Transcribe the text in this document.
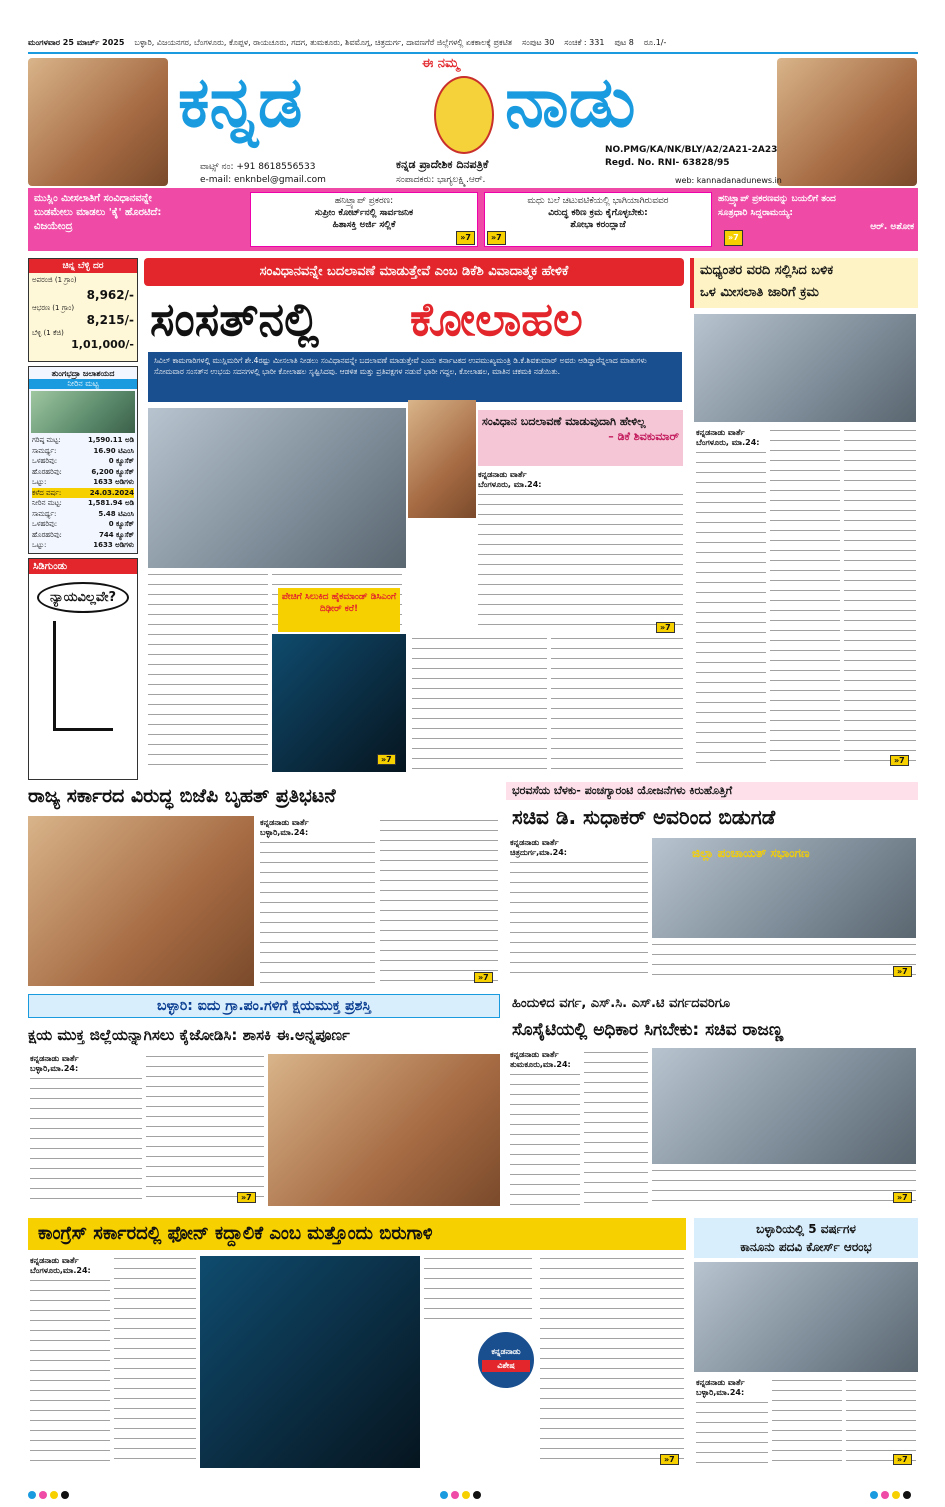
ಮಂಗಳವಾರ 25 ಮಾರ್ಚ್ 2025 ಬಳ್ಳಾರಿ, ವಿಜಯನಗರ, ಬೆಂಗಳೂರು, ಕೊಪ್ಪಳ, ರಾಯಚೂರು, ಗದಗ, ತುಮಕೂರು, ಶಿವಮೊಗ್ಗ, ಚಿತ್ರದುರ್ಗ, ದಾವಣಗೆರೆ ಜಿಲ್ಲೆಗಳಲ್ಲಿ ಏಕಕಾಲಕ್ಕೆ ಪ್ರಕಟಿತ ಸಂಪುಟ 30 ಸಂಚಿಕೆ : 331 ಪುಟ 8 ರೂ.1/-
ಈ ನಮ್ಮ
ಕನ್ನಡ	ನಾಡು
ಕನ್ನಡ ಪ್ರಾದೇಶಿಕ ದಿನಪತ್ರಿಕೆ
ಸಂಪಾದಕರು: ಭಾಗ್ಯಲಕ್ಷ್ಮಿ.ಆರ್.
ವಾಟ್ಸ್ ನಂ: +91 8618556533
e-mail: enknbel@gmail.com
NO.PMG/KA/NK/BLY/A2/2A21-2A23
Regd. No. RNI- 63828/95
web: kannadanadunews.in
ಮುಸ್ಲಿಂ ಮೀಸಲಾತಿಗೆ ಸಂವಿಧಾನವನ್ನೇ
ಬುಡಮೇಲು ಮಾಡಲು 'ಕೈ' ಹೊರಟಿದೆ:
ವಿಜಯೇಂದ್ರ
ಹನಿಟ್ರ್ಯಾಪ್ ಪ್ರಕರಣ:
ಸುಪ್ರೀಂ ಕೋರ್ಟ್‌ನಲ್ಲಿ ಸಾರ್ವಜನಿಕ
ಹಿತಾಸಕ್ತಿ ಅರ್ಜಿ ಸಲ್ಲಿಕೆ
»7
ಮಧು ಬಲೆ ಚಟುವಟಿಕೆಯಲ್ಲಿ ಭಾಗಿಯಾಗಿರುವವರ
ವಿರುದ್ಧ ಕಠಿಣ ಕ್ರಮ ಕೈಗೊಳ್ಳಬೇಕು:
ಶೋಭಾ ಕರಂದ್ಲಾಜೆ
»7
ಹನಿಟ್ರ್ಯಾಪ್ ಪ್ರಕರಣವನ್ನು ಬಯಲಿಗೆ ತಂದ
ಸೂತ್ರಧಾರಿ ಸಿದ್ದರಾಮಯ್ಯ:
ಆರ್. ಅಶೋಕ
»7
ಚಿನ್ನ ಬೆಳ್ಳಿ ದರ
ಅಪರಂಜಿ (1 ಗ್ರಾಂ)
8,962/-
ಆಭರಣ (1 ಗ್ರಾಂ)
8,215/-
ಬೆಳ್ಳಿ (1 ಕೆಜಿ)
1,01,000/-
ತುಂಗಭದ್ರಾ ಜಲಾಶಯದ
ನೀರಿನ ಮಟ್ಟ
ಗರಿಷ್ಠ ಮಟ್ಟ:	1,590.11 ಅಡಿ
ಸಾಮರ್ಥ್ಯ:	16.90 ಟಿಎಂಸಿ
ಒಳಹರಿವು:	0 ಕ್ಯೂಸೆಕ್
ಹೊರಹರಿವು:	6,200 ಕ್ಯೂಸೆಕ್
ಒಟ್ಟು:	1633 ಅಡಿಗಳು
ಕಳೆದ ವರ್ಷ:	24.03.2024
ನೀರಿನ ಮಟ್ಟ:	1,581.94 ಅಡಿ
ಸಾಮರ್ಥ್ಯ:	5.48 ಟಿಎಂಸಿ
ಒಳಹರಿವು:	0 ಕ್ಯೂಸೆಕ್
ಹೊರಹರಿವು:	744 ಕ್ಯೂಸೆಕ್
ಒಟ್ಟು:	1633 ಅಡಿಗಳು
ಸಿಡಿಗುಂಡು
ನ್ಯಾಯವಿಲ್ಲವೇ?
ಸಂವಿಧಾನವನ್ನೇ ಬದಲಾವಣೆ ಮಾಡುತ್ತೇವೆ ಎಂಬ ಡಿಕೆಶಿ ವಿವಾದಾತ್ಮಕ ಹೇಳಿಕೆ
ಸಂಸತ್‌ನಲ್ಲಿ ಕೋಲಾಹಲ
ಸಿವಿಲ್ ಕಾಮಗಾರಿಗಳಲ್ಲಿ ಮುಸ್ಲಿಮರಿಗೆ ಶೇ.4ರಷ್ಟು ಮೀಸಲಾತಿ ನೀಡಲು ಸಂವಿಧಾನವನ್ನೇ ಬದಲಾವಣೆ ಮಾಡುತ್ತೇವೆ ಎಂದು ಕರ್ನಾಟಕದ ಉಪಮುಖ್ಯಮಂತ್ರಿ ಡಿ.ಕೆ.ಶಿವಕುಮಾರ್ ಅವರು ಆಡಿದ್ದಾರೆನ್ನಲಾದ ಮಾತುಗಳು ಸೋಮವಾರ ಸಂಸತ್‌ನ ಉಭಯ ಸದನಗಳಲ್ಲಿ ಭಾರೀ ಕೋಲಾಹಲ ಸೃಷ್ಟಿಸಿದವು. ಆಡಳಿತ ಮತ್ತು ಪ್ರತಿಪಕ್ಷಗಳ ನಡುವೆ ಭಾರೀ ಗದ್ದಲ, ಕೋಲಾಹಲ, ಮಾತಿನ ಚಕಮಕಿ ನಡೆಯಿತು.
ಸಂವಿಧಾನ ಬದಲಾವಣೆ ಮಾಡುವುದಾಗಿ ಹೇಳಿಲ್ಲ
– ಡಿಕೆ ಶಿವಕುಮಾರ್
ಕನ್ನಡನಾಡು ವಾರ್ತೆ
ಬೆಂಗಳೂರು, ಮಾ.24:
ಪೇಚಿಗೆ ಸಿಲುಕಿದ ಹೈಕಮಾಂಡ್ ಡಿಸಿಎಂಗೆ ದಿಢೀರ್ ಕರೆ!
»7
»7
ಮಧ್ಯಂತರ ವರದಿ ಸಲ್ಲಿಸಿದ ಬಳಿಕ
ಒಳ ಮೀಸಲಾತಿ ಜಾರಿಗೆ ಕ್ರಮ
ಕನ್ನಡನಾಡು ವಾರ್ತೆ
ಬೆಂಗಳೂರು, ಮಾ.24:
»7
ರಾಜ್ಯ ಸರ್ಕಾರದ ವಿರುದ್ಧ ಬಿಜೆಪಿ ಬೃಹತ್ ಪ್ರತಿಭಟನೆ
ಕನ್ನಡನಾಡು ವಾರ್ತೆ
ಬಳ್ಳಾರಿ,ಮಾ.24:
»7
ಭರವಸೆಯ ಬೆಳಕು- ಪಂಚಗ್ಯಾರಂಟಿ ಯೋಜನೆಗಳು ಕಿರುಹೊತ್ತಿಗೆ
ಸಚಿವ ಡಿ. ಸುಧಾಕರ್ ಅವರಿಂದ ಬಿಡುಗಡೆ
ಕನ್ನಡನಾಡು ವಾರ್ತೆ
ಚಿತ್ರದುರ್ಗ,ಮಾ.24:	ಜಿಲ್ಲಾ ಪಂಚಾಯತ್ ಸಭಾಂಗಣ
»7
ಬಳ್ಳಾರಿ: ಐದು ಗ್ರಾ.ಪಂ.ಗಳಿಗೆ ಕ್ಷಯಮುಕ್ತ ಪ್ರಶಸ್ತಿ
ಕ್ಷಯ ಮುಕ್ತ ಜಿಲ್ಲೆಯನ್ನಾಗಿಸಲು ಕೈಜೋಡಿಸಿ: ಶಾಸಕಿ ಈ.ಅನ್ನಪೂರ್ಣ
ಕನ್ನಡನಾಡು ವಾರ್ತೆ
ಬಳ್ಳಾರಿ,ಮಾ.24:
»7
ಹಿಂದುಳಿದ ವರ್ಗ, ಎಸ್.ಸಿ. ಎಸ್.ಟಿ ವರ್ಗದವರಿಗೂ
ಸೊಸೈಟಿಯಲ್ಲಿ ಅಧಿಕಾರ ಸಿಗಬೇಕು: ಸಚಿವ ರಾಜಣ್ಣ
ಕನ್ನಡನಾಡು ವಾರ್ತೆ
ತುಮಕೂರು,ಮಾ.24:
»7
ಕಾಂಗ್ರೆಸ್ ಸರ್ಕಾರದಲ್ಲಿ ಫೋನ್ ಕದ್ದಾಲಿಕೆ ಎಂಬ ಮತ್ತೊಂದು ಬಿರುಗಾಳಿ
ಕನ್ನಡನಾಡು ವಾರ್ತೆ
ಬೆಂಗಳೂರು,ಮಾ.24:
ಕನ್ನಡನಾಡು
ವಿಶೇಷ
»7
ಬಳ್ಳಾರಿಯಲ್ಲಿ 5 ವರ್ಷಗಳ
ಕಾನೂನು ಪದವಿ ಕೋರ್ಸ್ ಆರಂಭ
ಕನ್ನಡನಾಡು ವಾರ್ತೆ
ಬಳ್ಳಾರಿ,ಮಾ.24:
»7
